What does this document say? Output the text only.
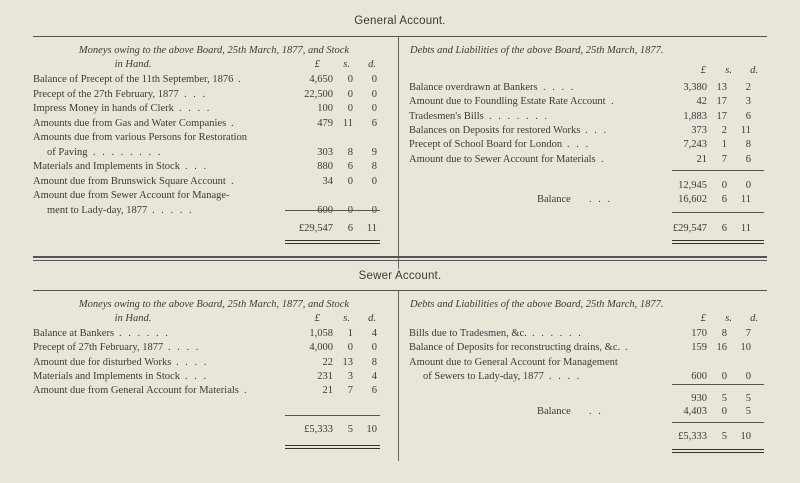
General Account.
Moneys owing to the above Board, 25th March, 1877, and Stock
in Hand.	£	s.	d.
Balance of Precept of the 11th September, 1876 .	4,650	0	0
Precept of the 27th February, 1877 . . .	22,500	0	0
Impress Money in hands of Clerk . . . .	100	0	0
Amounts due from Gas and Water Companies .	479 11	6
Amounts due from various Persons for Restoration
of Paving . . . . . . . .	303	8	9
Materials and Implements in Stock . . .	880	6	8
Amount due from Brunswick Square Account .	34	0	0
Amount due from Sewer Account for Manage-
ment to Lady-day, 1877 . . . . .	600	0	0
£29,547	6	11
Debts and Liabilities of the above Board, 25th March, 1877.
£	s.	d.
Balance overdrawn at Bankers . . . .	3,380 13	2
Amount due to Foundling Estate Rate Account .	42 17	3
Tradesmen's Bills . . . . . . .	1,883 17	6
Balances on Deposits for restored Works . . .	373	2	11
Precept of School Board for London . . .	7,243	1	8
Amount due to Sewer Account for Materials .	21	7	6
12,945	0	0
Balance . . .	16,602	6	11
£29,547	6	11
Sewer Account.
Moneys owing to the above Board, 25th March, 1877, and Stock
in Hand.	£	s.	d.
Balance at Bankers . . . . . .	1,058	1	4
Precept of 27th February, 1877 . . . .	4,000	0	0
Amount due for disturbed Works . . . .	22 13	8
Materials and Implements in Stock . . .	231	3	4
Amount due from General Account for Materials .	21	7	6
£5,333	5	10
Debts and Liabilities of the above Board, 25th March, 1877.
£	s.	d.
Bills due to Tradesmen, &c. . . . . . .	170	8	7
Balance of Deposits for reconstructing drains, &c. .	159 16	10
Amount due to General Account for Management
of Sewers to Lady-day, 1877 . . . .	600	0	0
930	5	5
Balance . .	4,403	0	5
£5,333	5	10
